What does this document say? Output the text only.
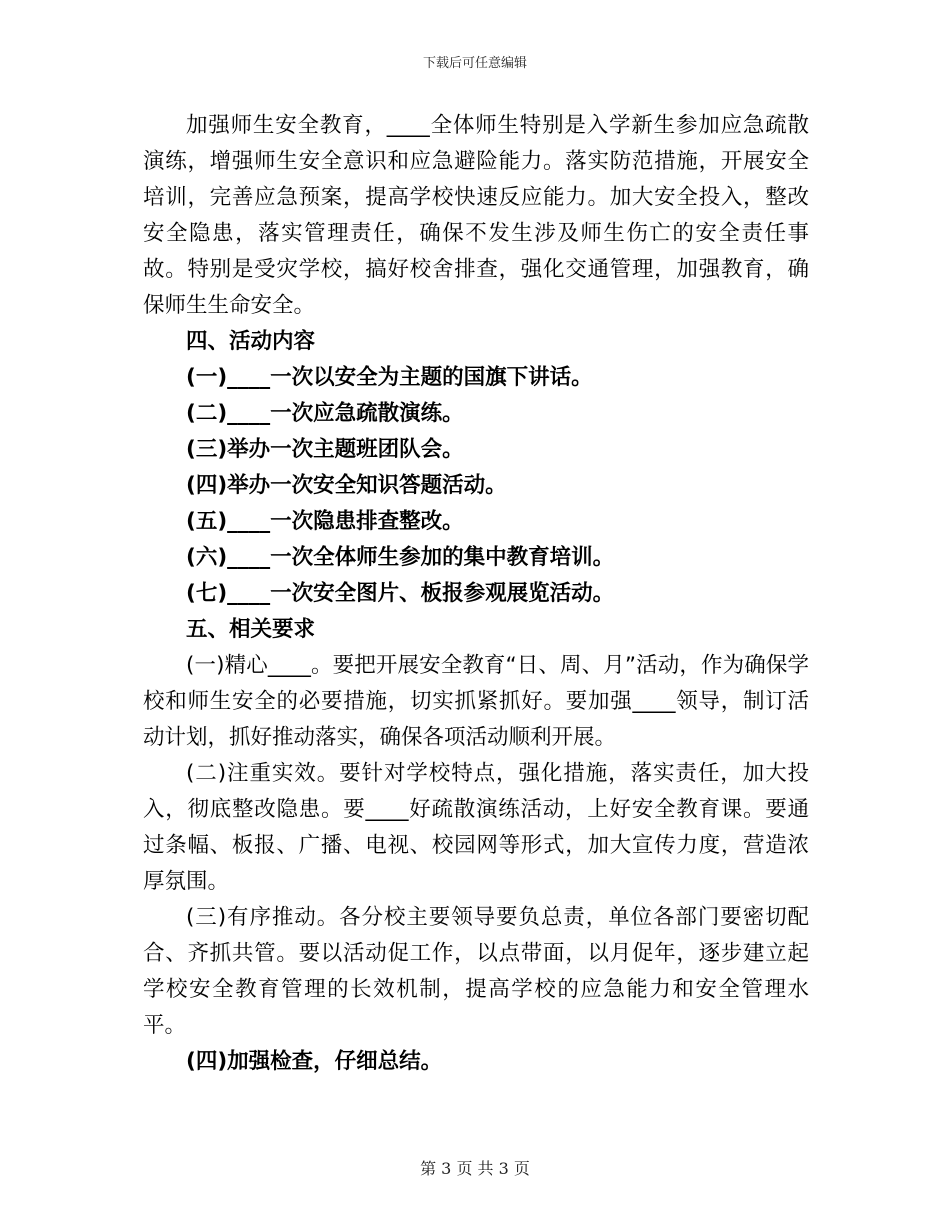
下载后可任意编辑

加强师生安全教育，____全体师生特别是入学新生参加应急疏散演练，增强师生安全意识和应急避险能力。落实防范措施，开展安全培训，完善应急预案，提高学校快速反应能力。加大安全投入，整改安全隐患，落实管理责任，确保不发生涉及师生伤亡的安全责任事故。特别是受灾学校，搞好校舍排查，强化交通管理，加强教育，确保师生生命安全。

四、活动内容

(一)____一次以安全为主题的国旗下讲话。

(二)____一次应急疏散演练。

(三)举办一次主题班团队会。

(四)举办一次安全知识答题活动。

(五)____一次隐患排查整改。

(六)____一次全体师生参加的集中教育培训。

(七)____一次安全图片、板报参观展览活动。

五、相关要求

(一)精心____。要把开展安全教育“日、周、月”活动，作为确保学校和师生安全的必要措施，切实抓紧抓好。要加强____领导，制订活动计划，抓好推动落实，确保各项活动顺利开展。

(二)注重实效。要针对学校特点，强化措施，落实责任，加大投入，彻底整改隐患。要____好疏散演练活动，上好安全教育课。要通过条幅、板报、广播、电视、校园网等形式，加大宣传力度，营造浓厚氛围。

(三)有序推动。各分校主要领导要负总责，单位各部门要密切配合、齐抓共管。要以活动促工作，以点带面，以月促年，逐步建立起学校安全教育管理的长效机制，提高学校的应急能力和安全管理水平。

(四)加强检查，仔细总结。

第 3 页 共 3 页
